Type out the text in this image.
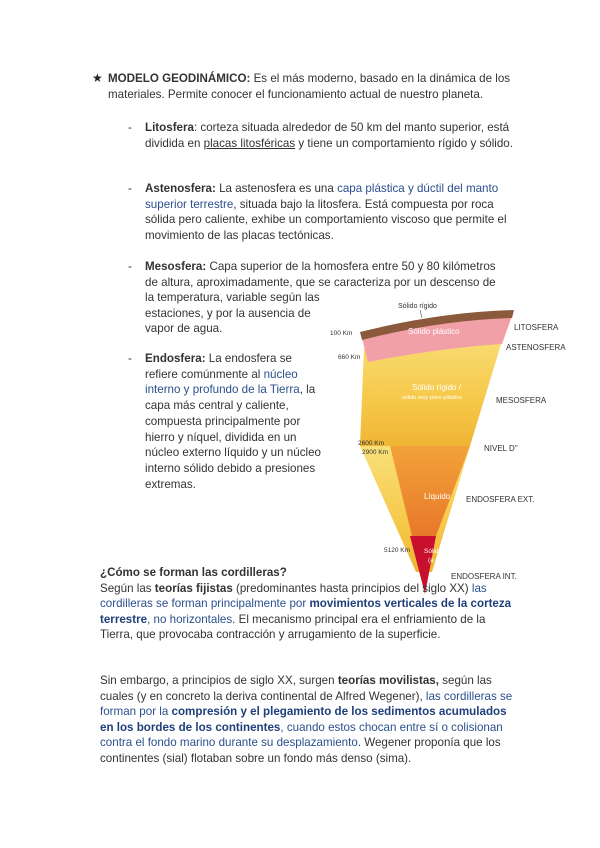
★ MODELO GEODINÁMICO: Es el más moderno, basado en la dinámica de los materiales. Permite conocer el funcionamiento actual de nuestro planeta.
- Litosfera: corteza situada alrededor de 50 km del manto superior, está dividida en placas litosféricas y tiene un comportamiento rígido y sólido.
- Astenosfera: La astenosfera es una capa plástica y dúctil del manto superior terrestre, situada bajo la litosfera. Está compuesta por roca sólida pero caliente, exhibe un comportamiento viscoso que permite el movimiento de las placas tectónicas.
- Mesosfera: Capa superior de la homosfera entre 50 y 80 kilómetros
de altura, aproximadamente, que se caracteriza por un descenso de
la temperatura, variable según las estaciones, y por la ausencia de vapor de agua.
- Endosfera: La endosfera se refiere comúnmente al núcleo interno y profundo de la Tierra, la capa más central y caliente, compuesta principalmente por hierro y níquel, dividida en un núcleo externo líquido y un núcleo interno sólido debido a presiones extremas.
Sólido rígido
Sólido plástico
Sólido rígido /
sólido muy poco plástico
Líquido
Sólido
(a
100 Km
660 Km
2600 Km
2900 Km
5120 Km
LITOSFERA
ASTENOSFERA
MESOSFERA
NIVEL D"
ENDOSFERA EXT.
ENDOSFERA INT.

¿Cómo se forman las cordilleras?

Según las teorías fijistas (predominantes hasta principios del siglo XX) las cordilleras se forman principalmente por movimientos verticales de la corteza terrestre, no horizontales. El mecanismo principal era el enfriamiento de la Tierra, que provocaba contracción y arrugamiento de la superficie.

Sin embargo, a principios de siglo XX, surgen teorías movilistas, según las cuales (y en concreto la deriva continental de Alfred Wegener), las cordilleras se forman por la compresión y el plegamiento de los sedimentos acumulados en los bordes de los continentes, cuando estos chocan entre sí o colisionan contra el fondo marino durante su desplazamiento. Wegener proponía que los continentes (sial) flotaban sobre un fondo más denso (sima).
